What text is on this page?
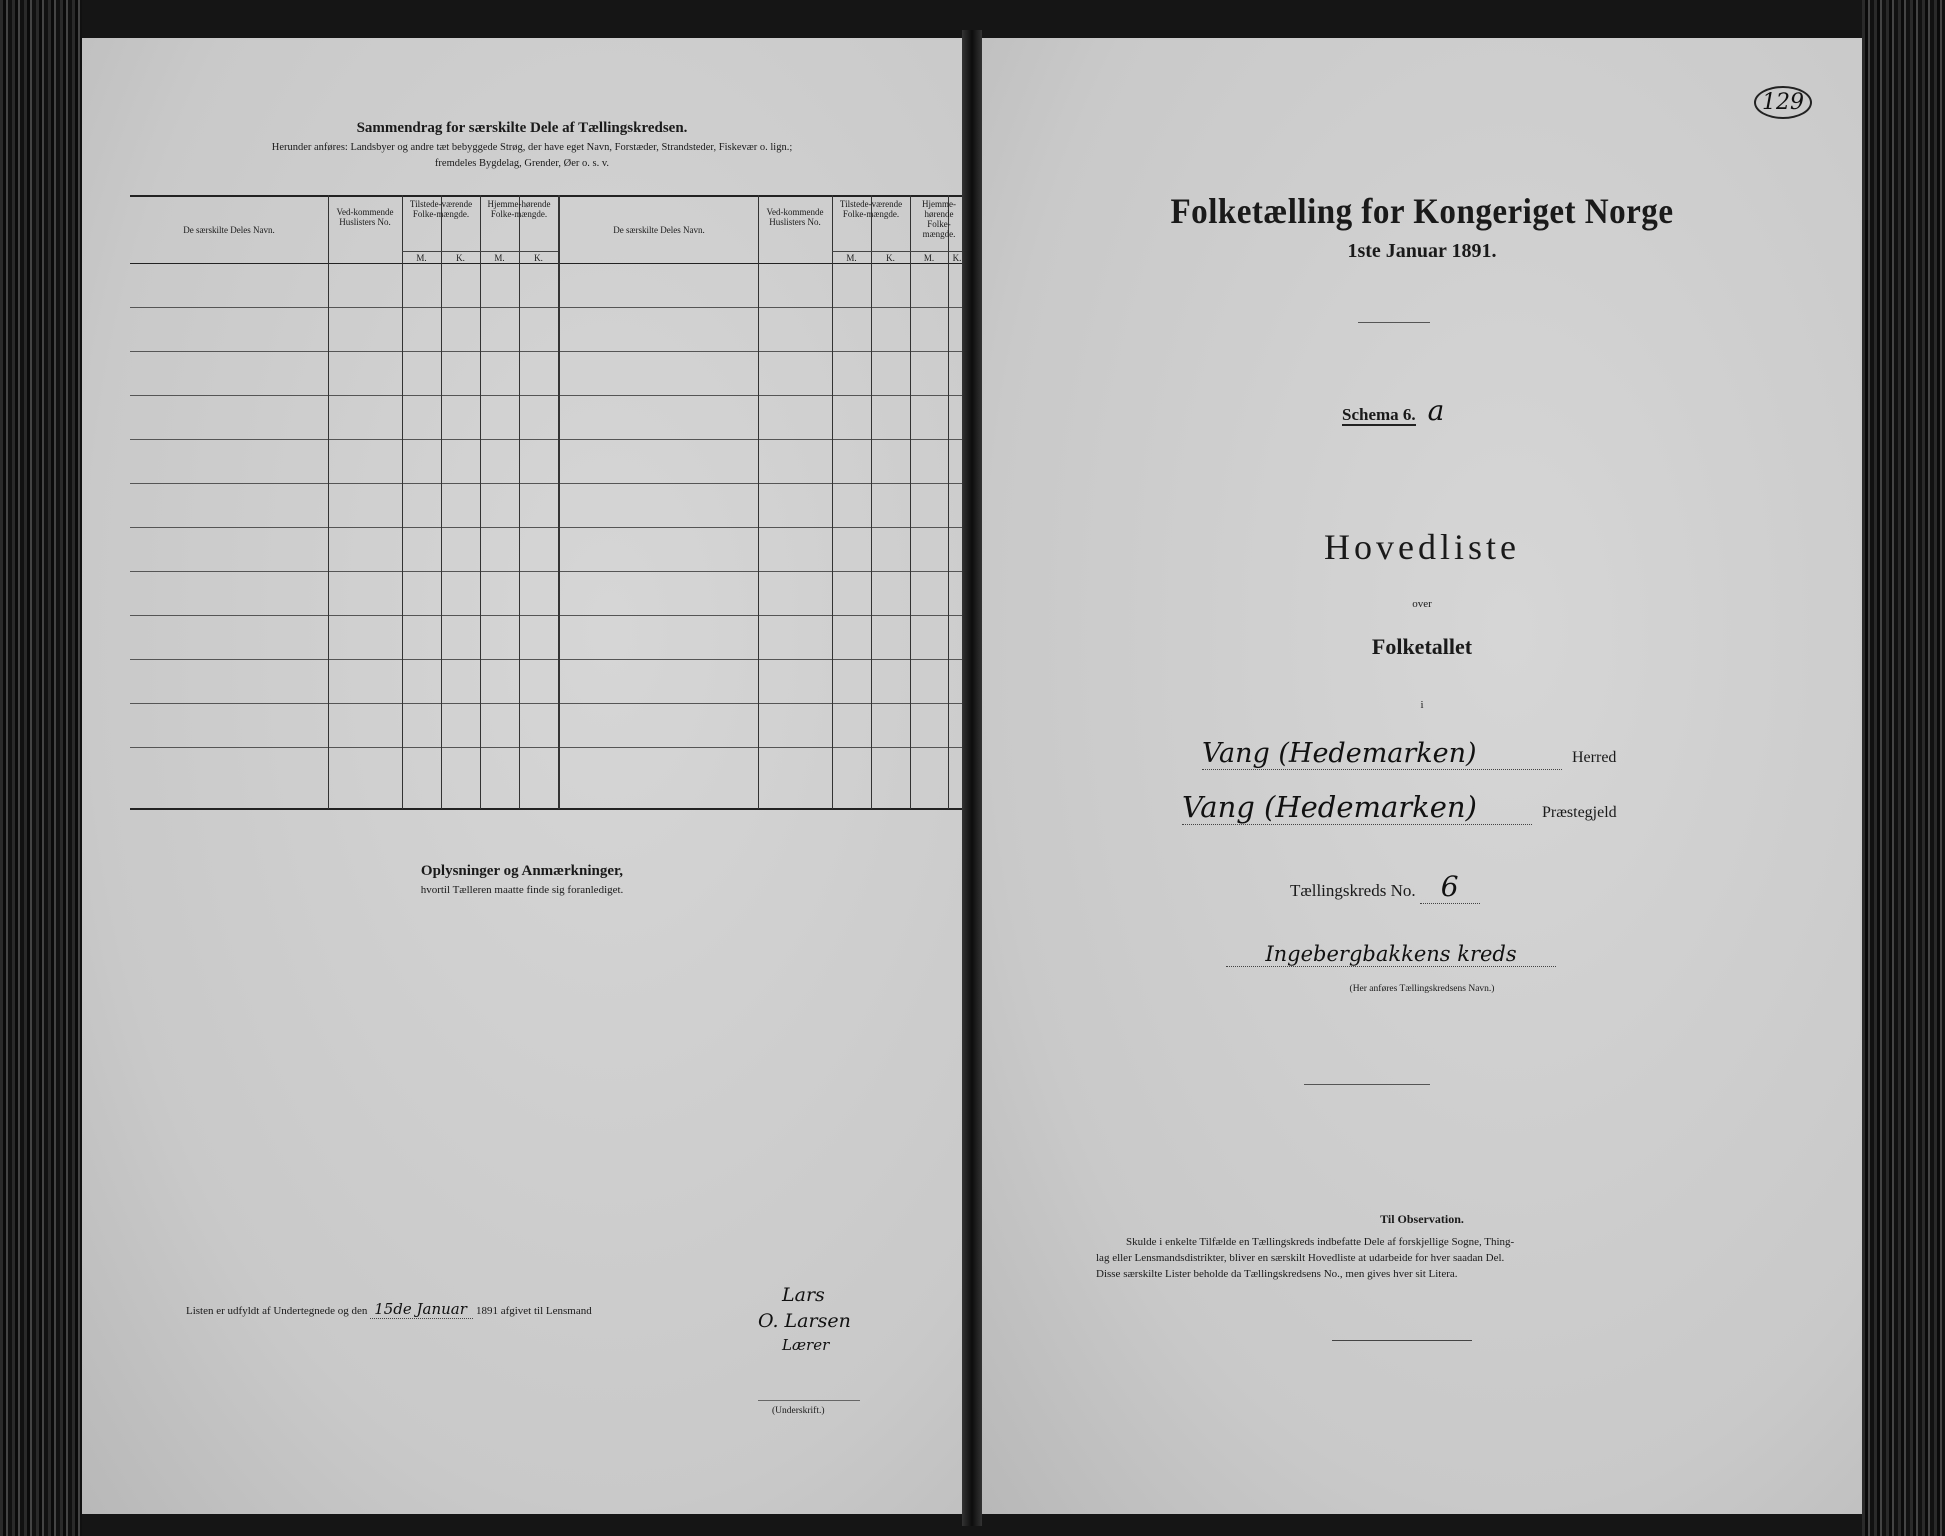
Sammendrag for særskilte Dele af Tællingskredsen.
Herunder anføres: Landsbyer og andre tæt bebyggede Strøg, der have eget Navn, Forstæder, Strandsteder, Fiskevær o. lign.;
fremdeles Bygdelag, Grender, Øer o. s. v.
De særskilte Deles Navn.
Ved-kommende Huslisters No.
Tilstede-værende Folke-mængde.
Hjemme-hørende Folke-mængde.
M.	K.	M.	K.
De særskilte Deles Navn.
Ved-kommende Huslisters No.
Tilstede-værende Folke-mængde.
Hjemme-hørende Folke-mængde.
M.	K.	M.	K.
Oplysninger og Anmærkninger,
hvortil Tælleren maatte finde sig foranlediget.
Listen er udfyldt af Undertegnede og den 15de Januar 1891 afgivet til Lensmand
Lars
O. Larsen
Lærer
(Underskrift.)
129
Folketælling for Kongeriget Norge
1ste Januar 1891.
Schema 6. a
Hovedliste
over
Folketallet
i
Vang (Hedemarken)	Herred
Vang (Hedemarken)	Præstegjeld
Tællingskreds No. 6
Ingebergbakkens kreds
(Her anføres Tællingskredsens Navn.)
Til Observation.
Skulde i enkelte Tilfælde en Tællingskreds indbefatte Dele af forskjellige Sogne, Thing-
lag eller Lensmandsdistrikter, bliver en særskilt Hovedliste at udarbeide for hver saadan Del.
Disse særskilte Lister beholde da Tællingskredsens No., men gives hver sit Litera.
